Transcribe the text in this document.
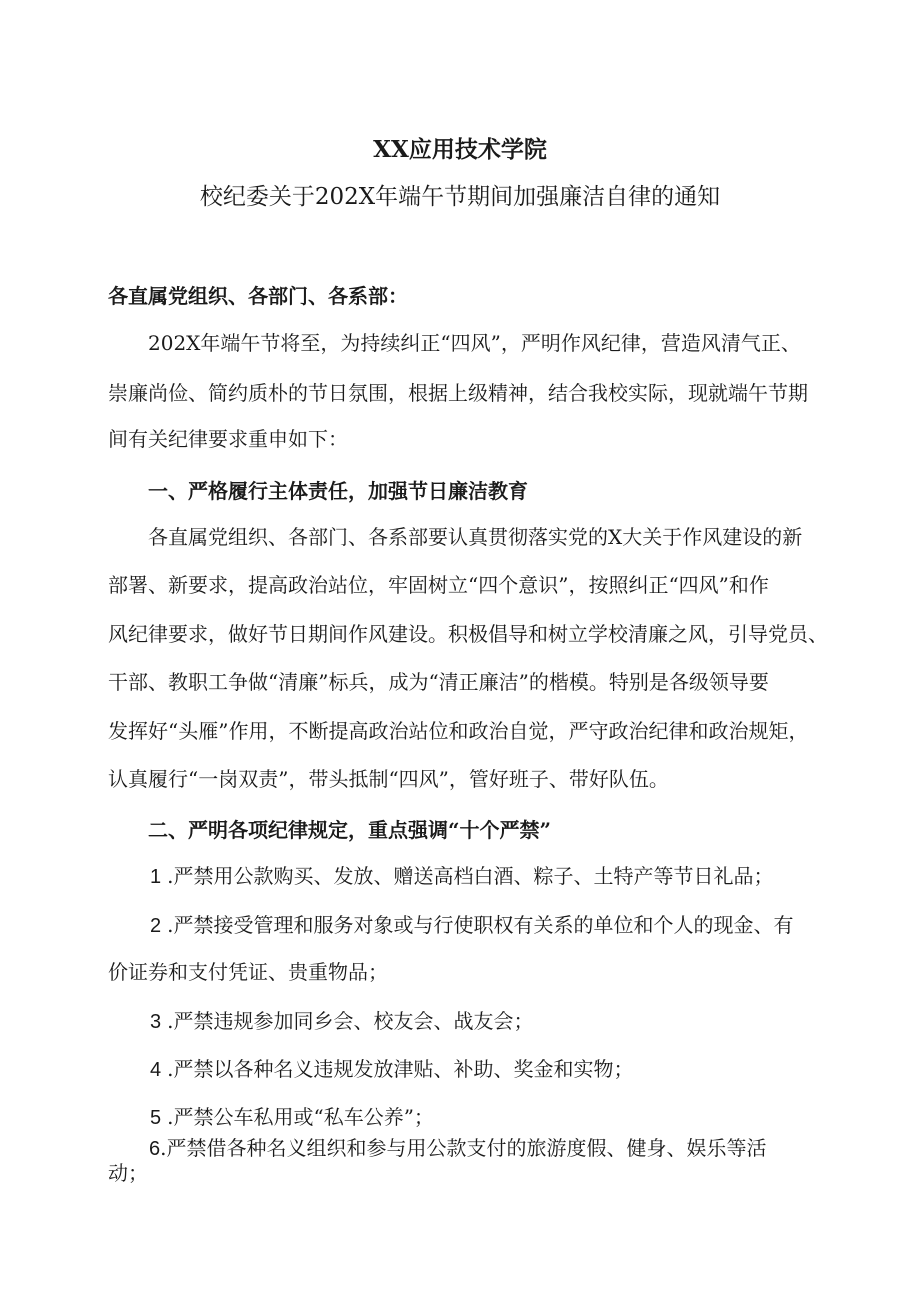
XX应用技术学院
校纪委关于202X年端午节期间加强廉洁自律的通知

各直属党组织、各部门、各系部：

202X年端午节将至，为持续纠正“四风”，严明作风纪律，营造风清气正、

崇廉尚俭、简约质朴的节日氛围，根据上级精神，结合我校实际，现就端午节期

间有关纪律要求重申如下：

一、严格履行主体责任，加强节日廉洁教育

各直属党组织、各部门、各系部要认真贯彻落实党的X大关于作风建设的新

部署、新要求，提高政治站位，牢固树立“四个意识”，按照纠正“四风”和作

风纪律要求，做好节日期间作风建设。积极倡导和树立学校清廉之风，引导党员、

干部、教职工争做“清廉”标兵，成为“清正廉洁”的楷模。特别是各级领导要

发挥好“头雁”作用，不断提高政治站位和政治自觉，严守政治纪律和政治规矩，

认真履行“一岗双责”，带头抵制“四风”，管好班子、带好队伍。

二、严明各项纪律规定，重点强调“十个严禁”

1 .严禁用公款购买、发放、赠送高档白酒、粽子、土特产等节日礼品；

2 .严禁接受管理和服务对象或与行使职权有关系的单位和个人的现金、有

价证券和支付凭证、贵重物品；

3 .严禁违规参加同乡会、校友会、战友会；

4 .严禁以各种名义违规发放津贴、补助、奖金和实物；

5 .严禁公车私用或“私车公养”；

6.严禁借各种名义组织和参与用公款支付的旅游度假、健身、娱乐等活

动；
